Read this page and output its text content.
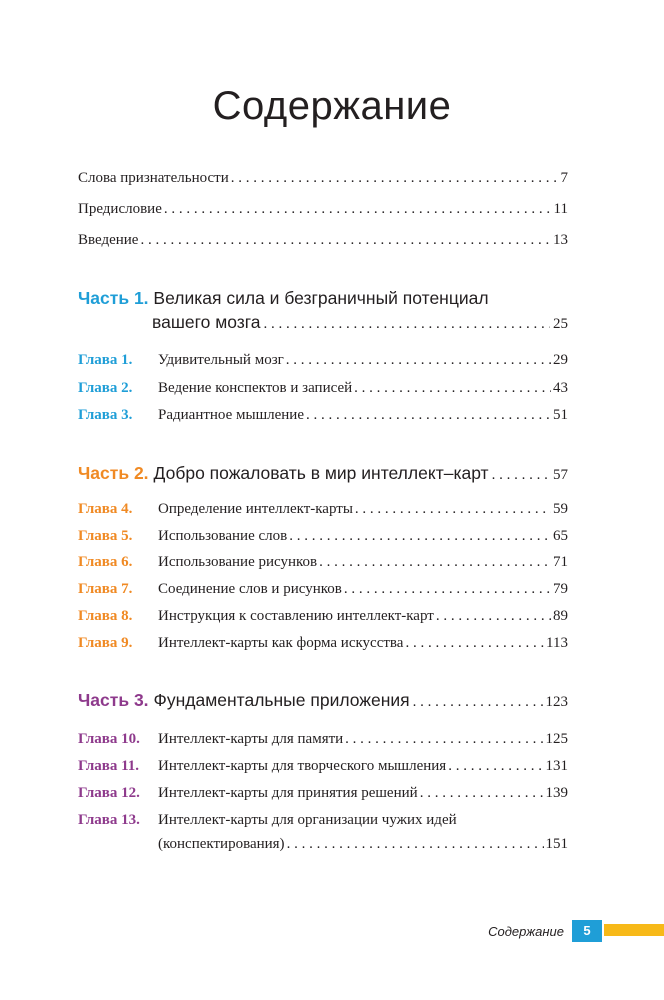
Содержание
Слова признательности . . .	7
Предисловие . . .	11
Введение . . .	13
Часть 1. Великая сила и безграничный потенциал
вашего мозга . . .	25
Глава 1.	Удивительный мозг . . .	29
Глава 2.	Ведение конспектов и записей . . .	43
Глава 3.	Радиантное мышление . . .	51
Часть 2. Добро пожаловать в мир интеллект–карт . . .	57
Глава 4.	Определение интеллект-карты . . .	59
Глава 5.	Использование слов . . .	65
Глава 6.	Использование рисунков . . .	71
Глава 7.	Соединение слов и рисунков . . .	79
Глава 8.	Инструкция к составлению интеллект-карт . . .	89
Глава 9.	Интеллект-карты как форма искусства . . .	113
Часть 3. Фундаментальные приложения . . .	123
Глава 10.	Интеллект-карты для памяти . . .	125
Глава 11.	Интеллект-карты для творческого мышления . . .	131
Глава 12.	Интеллект-карты для принятия решений . . .	139
Глава 13.	Интеллект-карты для организации чужих идей
(конспектирования) . . .	151
Содержание	5
